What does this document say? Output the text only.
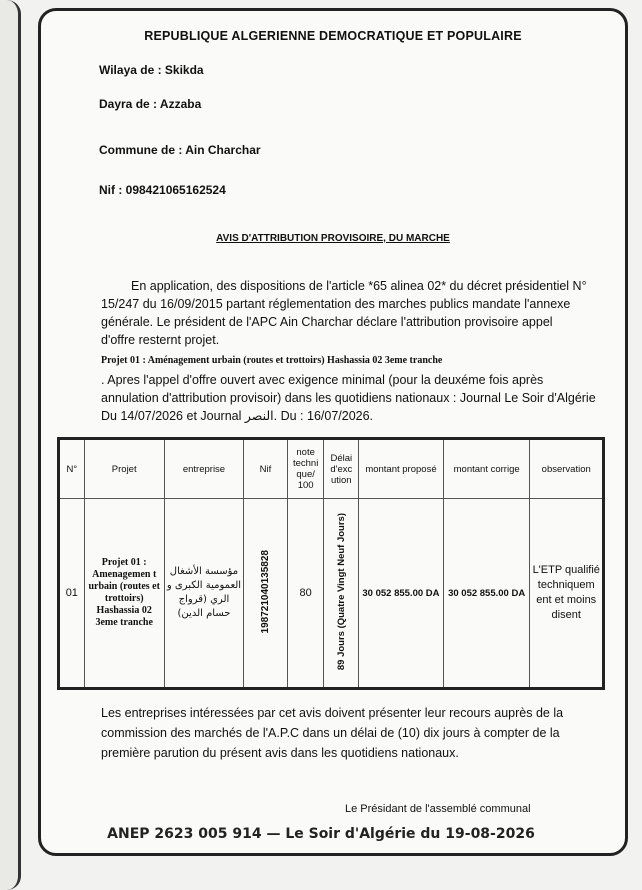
REPUBLIQUE ALGERIENNE DEMOCRATIQUE ET POPULAIRE
Wilaya de : Skikda
Dayra de : Azzaba
Commune de : Ain Charchar
Nif : 098421065162524
AVIS D'ATTRIBUTION PROVISOIRE, DU MARCHE
En application, des dispositions de l'article *65 alinea 02* du décret présidentiel N° 15/247 du 16/09/2015 partant réglementation des marches publics mandate l'annexe générale. Le président de l'APC Ain Charchar déclare l'attribution provisoire appel d'offre resternt projet.
Projet 01 : Aménagement urbain (routes et trottoirs) Hashassia 02 3eme tranche
. Apres l'appel d'offre ouvert avec exigence minimal (pour la deuxéme fois après annulation d'attribution provisoir) dans les quotidiens nationaux : Journal Le Soir d'Algérie Du 14/07/2026 et Journal النصر. Du : 16/07/2026.
N°	Projet	entreprise	Nif	note techni que/ 100	Délai d'exc ution	montant proposé	montant corrige	observation
01	Projet 01 : Amenagemen t urbain (routes et trottoirs) Hashassia 02 3eme tranche	مؤسسة الأشغال العمومية الكبرى و الري (قرواج حسام الدين)	198721040135828	80	89 Jours (Quatre Vingt Neuf Jours)	30 052 855.00 DA	30 052 855.00 DA	L'ETP qualifié techniquem ent et moins disent
Les entreprises intéressées par cet avis doivent présenter leur recours auprès de la commission des marchés de l'A.P.C dans un délai de (10) dix jours à compter de la première parution du présent avis dans les quotidiens nationaux.
Le Présidant de l'assemblé communal
ANEP 2623 005 914 — Le Soir d'Algérie du 19-08-2026
